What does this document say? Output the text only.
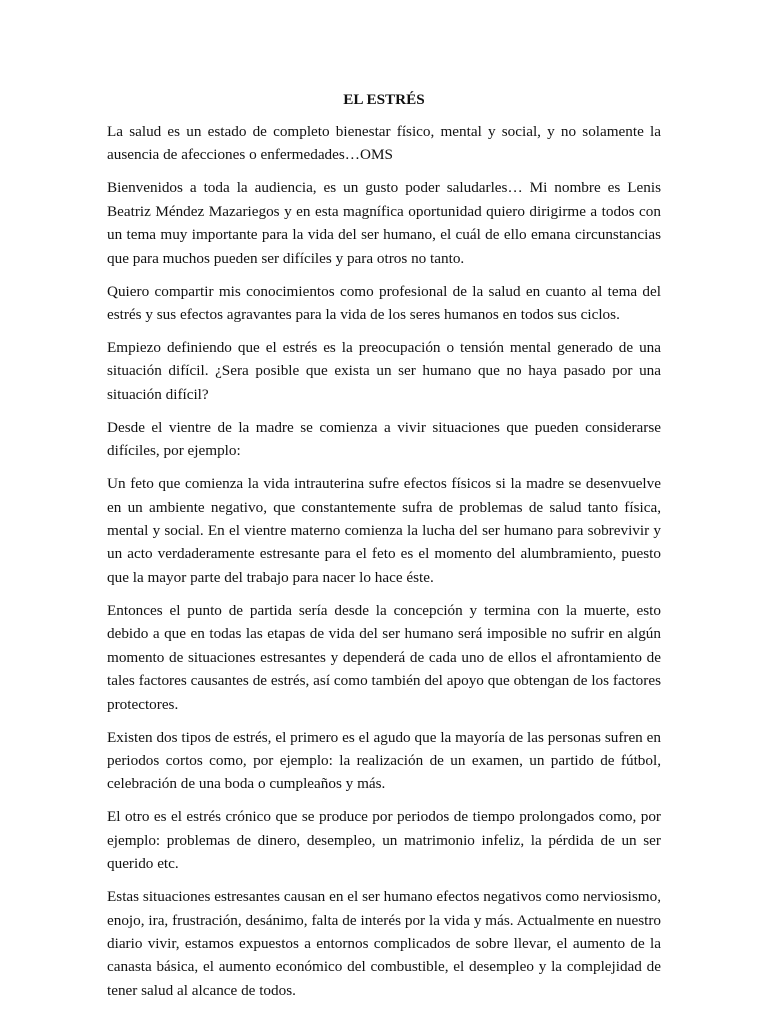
EL ESTRÉS

La salud es un estado de completo bienestar físico, mental y social, y no solamente la ausencia de afecciones o enfermedades…OMS

Bienvenidos a toda la audiencia, es un gusto poder saludarles… Mi nombre es Lenis Beatriz Méndez Mazariegos y en esta magnífica oportunidad quiero dirigirme a todos con un tema muy importante para la vida del ser humano, el cuál de ello emana circunstancias que para muchos pueden ser difíciles y para otros no tanto.

Quiero compartir mis conocimientos como profesional de la salud en cuanto al tema del estrés y sus efectos agravantes para la vida de los seres humanos en todos sus ciclos.

Empiezo definiendo que el estrés es la preocupación o tensión mental generado de una situación difícil. ¿Sera posible que exista un ser humano que no haya pasado por una situación difícil?

Desde el vientre de la madre se comienza a vivir situaciones que pueden considerarse difíciles, por ejemplo:

Un feto que comienza la vida intrauterina sufre efectos físicos si la madre se desenvuelve en un ambiente negativo, que constantemente sufra de problemas de salud tanto física, mental y social. En el vientre materno comienza la lucha del ser humano para sobrevivir y un acto verdaderamente estresante para el feto es el momento del alumbramiento, puesto que la mayor parte del trabajo para nacer lo hace éste.

Entonces el punto de partida sería desde la concepción y termina con la muerte, esto debido a que en todas las etapas de vida del ser humano será imposible no sufrir en algún momento de situaciones estresantes y dependerá de cada uno de ellos el afrontamiento de tales factores causantes de estrés, así como también del apoyo que obtengan de los factores protectores.

Existen dos tipos de estrés, el primero es el agudo que la mayoría de las personas sufren en periodos cortos como, por ejemplo: la realización de un examen, un partido de fútbol, celebración de una boda o cumpleaños y más.

El otro es el estrés crónico que se produce por periodos de tiempo prolongados como, por ejemplo: problemas de dinero, desempleo, un matrimonio infeliz, la pérdida de un ser querido etc.

Estas situaciones estresantes causan en el ser humano efectos negativos como nerviosismo, enojo, ira, frustración, desánimo, falta de interés por la vida y más. Actualmente en nuestro diario vivir, estamos expuestos a entornos complicados de sobre llevar, el aumento de la canasta básica, el aumento económico del combustible, el desempleo y la complejidad de tener salud al alcance de todos.
